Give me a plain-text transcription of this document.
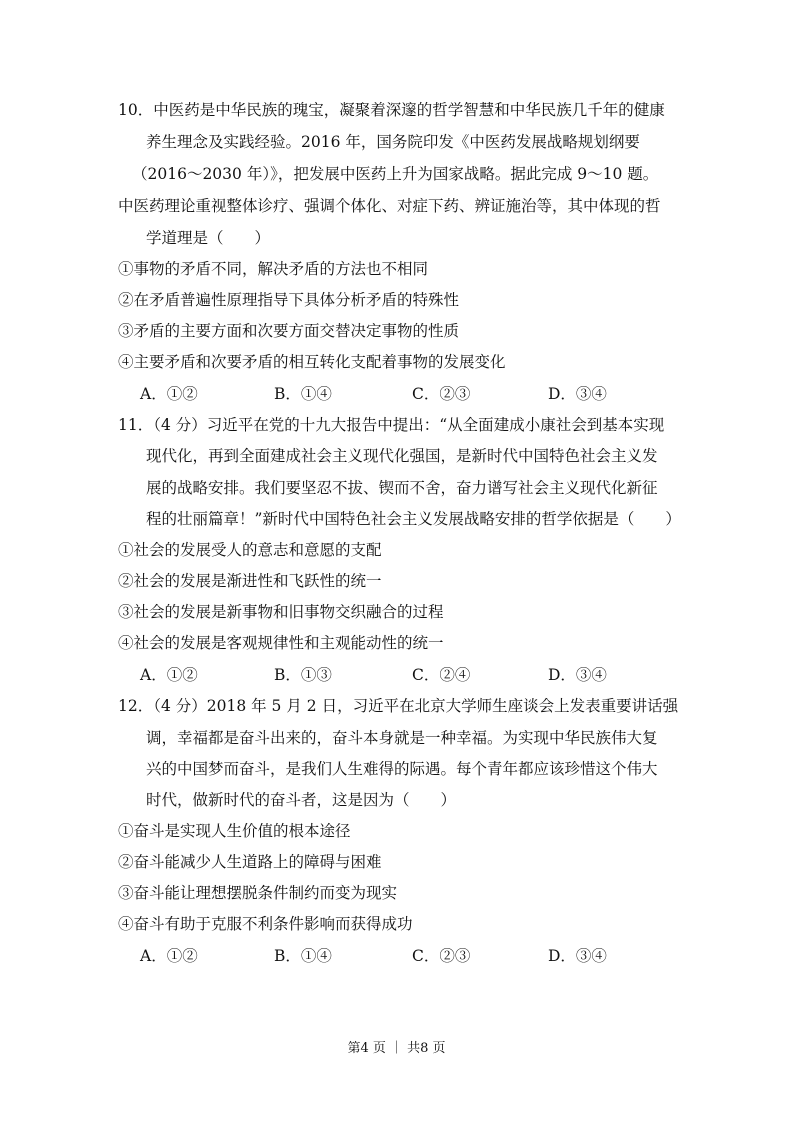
10．中医药是中华民族的瑰宝，凝聚着深邃的哲学智慧和中华民族几千年的健康
养生理念及实践经验。2016 年，国务院印发《中医药发展战略规划纲要
（2016～2030 年）》，把发展中医药上升为国家战略。据此完成 9～10 题。
中医药理论重视整体诊疗、强调个体化、对症下药、辨证施治等，其中体现的哲
学道理是（　　）
①事物的矛盾不同，解决矛盾的方法也不相同
②在矛盾普遍性原理指导下具体分析矛盾的特殊性
③矛盾的主要方面和次要方面交替决定事物的性质
④主要矛盾和次要矛盾的相互转化支配着事物的发展变化
A．①②	B．①④	C．②③	D．③④
11．（4 分）习近平在党的十九大报告中提出：“从全面建成小康社会到基本实现
现代化，再到全面建成社会主义现代化强国，是新时代中国特色社会主义发
展的战略安排。我们要坚忍不拔、锲而不舍，奋力谱写社会主义现代化新征
程的壮丽篇章！”新时代中国特色社会主义发展战略安排的哲学依据是（　　）
①社会的发展受人的意志和意愿的支配
②社会的发展是渐进性和飞跃性的统一
③社会的发展是新事物和旧事物交织融合的过程
④社会的发展是客观规律性和主观能动性的统一
A．①②	B．①③	C．②④	D．③④
12．（4 分）2018 年 5 月 2 日，习近平在北京大学师生座谈会上发表重要讲话强
调，幸福都是奋斗出来的，奋斗本身就是一种幸福。为实现中华民族伟大复
兴的中国梦而奋斗，是我们人生难得的际遇。每个青年都应该珍惜这个伟大
时代，做新时代的奋斗者，这是因为（　　）
①奋斗是实现人生价值的根本途径
②奋斗能减少人生道路上的障碍与困难
③奋斗能让理想摆脱条件制约而变为现实
④奋斗有助于克服不利条件影响而获得成功
A．①②	B．①④	C．②③	D．③④
第4 页 ｜ 共8 页
